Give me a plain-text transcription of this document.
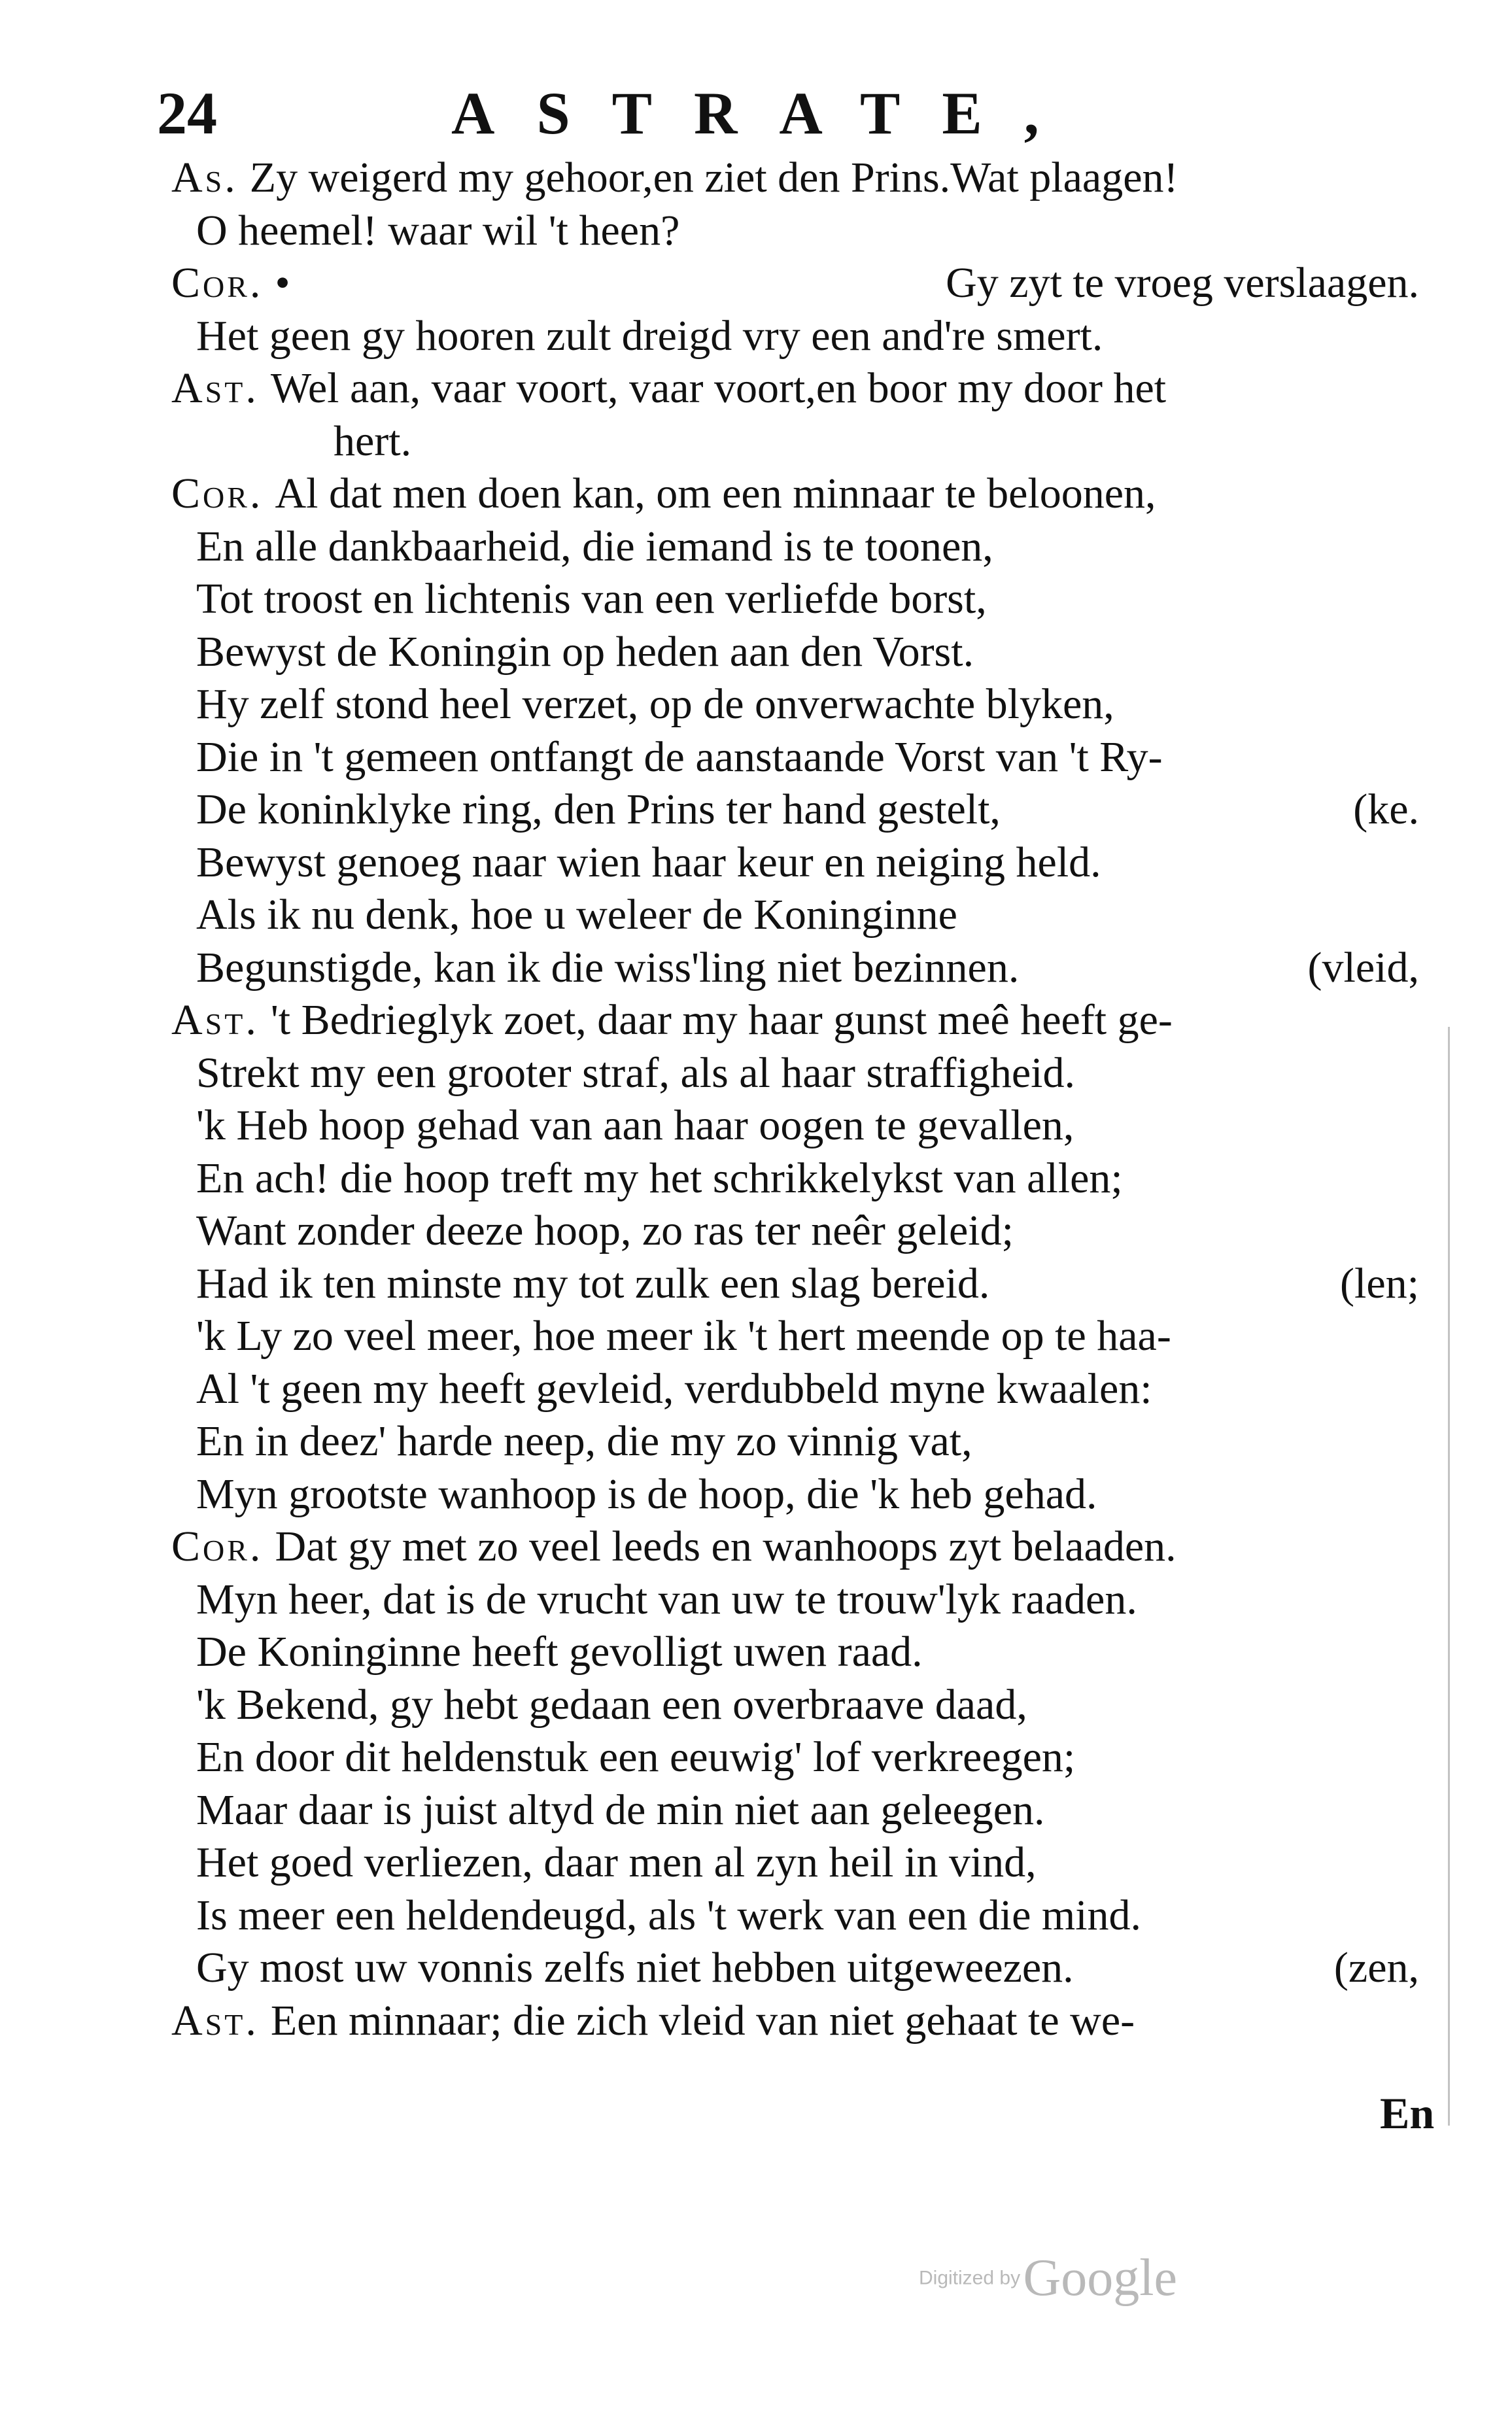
24	ASTRATE,
As. Zy weigerd my gehoor,en ziet den Prins.Wat plaagen!
O heemel! waar wil 't heen?
Cor. •	Gy zyt te vroeg verslaagen.
Het geen gy hooren zult dreigd vry een and're smert.
Ast. Wel aan, vaar voort, vaar voort,en boor my door het
hert.
Cor. Al dat men doen kan, om een minnaar te beloonen,
En alle dankbaarheid, die iemand is te toonen,
Tot troost en lichtenis van een verliefde borst,
Bewyst de Koningin op heden aan den Vorst.
Hy zelf stond heel verzet, op de onverwachte blyken,
Die in 't gemeen ontfangt de aanstaande Vorst van 't Ry-
De koninklyke ring, den Prins ter hand gestelt,	(ke.
Bewyst genoeg naar wien haar keur en neiging held.
Als ik nu denk, hoe u weleer de Koninginne
Begunstigde, kan ik die wiss'ling niet bezinnen.	(vleid,
Ast. 't Bedrieglyk zoet, daar my haar gunst meê heeft ge-
Strekt my een grooter straf, als al haar straffigheid.
'k Heb hoop gehad van aan haar oogen te gevallen,
En ach! die hoop treft my het schrikkelykst van allen;
Want zonder deeze hoop, zo ras ter neêr geleid;
Had ik ten minste my tot zulk een slag bereid.	(len;
'k Ly zo veel meer, hoe meer ik 't hert meende op te haa-
Al 't geen my heeft gevleid, verdubbeld myne kwaalen:
En in deez' harde neep, die my zo vinnig vat,
Myn grootste wanhoop is de hoop, die 'k heb gehad.
Cor. Dat gy met zo veel leeds en wanhoops zyt belaaden.
Myn heer, dat is de vrucht van uw te trouw'lyk raaden.
De Koninginne heeft gevolligt uwen raad.
'k Bekend, gy hebt gedaan een overbraave daad,
En door dit heldenstuk een eeuwig' lof verkreegen;
Maar daar is juist altyd de min niet aan geleegen.
Het goed verliezen, daar men al zyn heil in vind,
Is meer een heldendeugd, als 't werk van een die mind.
Gy most uw vonnis zelfs niet hebben uitgeweezen.	(zen,
Ast. Een minnaar; die zich vleid van niet gehaat te we-
En
Digitized by Google
